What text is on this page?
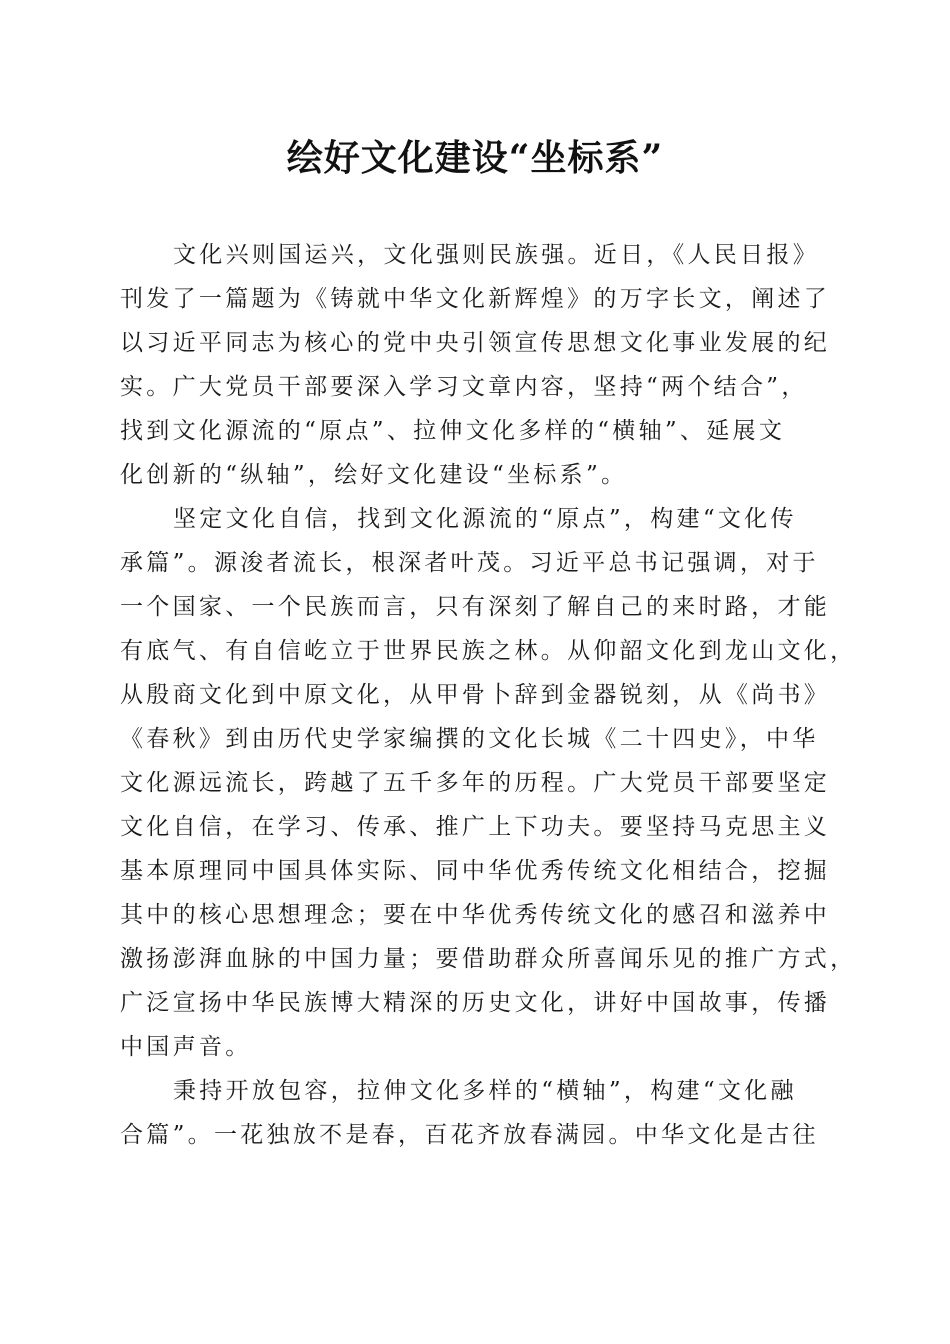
绘好文化建设“坐标系”
文化兴则国运兴，文化强则民族强。近日，《人民日报》
刊发了一篇题为《铸就中华文化新辉煌》的万字长文，阐述了
以习近平同志为核心的党中央引领宣传思想文化事业发展的纪
实。广大党员干部要深入学习文章内容，坚持“两个结合”，
找到文化源流的“原点”、拉伸文化多样的“横轴”、延展文
化创新的“纵轴”，绘好文化建设“坐标系”。
坚定文化自信，找到文化源流的“原点”，构建“文化传
承篇”。源浚者流长，根深者叶茂。习近平总书记强调，对于
一个国家、一个民族而言，只有深刻了解自己的来时路，才能
有底气、有自信屹立于世界民族之林。从仰韶文化到龙山文化，
从殷商文化到中原文化，从甲骨卜辞到金器锐刻，从《尚书》
《春秋》到由历代史学家编撰的文化长城《二十四史》，中华
文化源远流长，跨越了五千多年的历程。广大党员干部要坚定
文化自信，在学习、传承、推广上下功夫。要坚持马克思主义
基本原理同中国具体实际、同中华优秀传统文化相结合，挖掘
其中的核心思想理念；要在中华优秀传统文化的感召和滋养中
激扬澎湃血脉的中国力量；要借助群众所喜闻乐见的推广方式，
广泛宣扬中华民族博大精深的历史文化，讲好中国故事，传播
中国声音。
秉持开放包容，拉伸文化多样的“横轴”，构建“文化融
合篇”。一花独放不是春，百花齐放春满园。中华文化是古往
